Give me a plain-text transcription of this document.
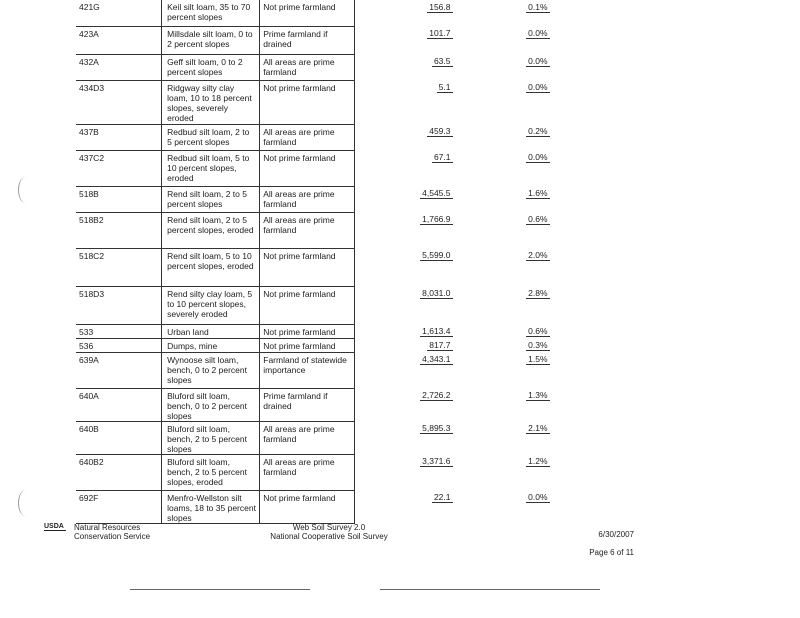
421G	Keil silt loam, 35 to 70 percent slopes	Not prime farmland	156.8	0.1%
423A	Millsdale silt loam, 0 to 2 percent slopes	Prime farmland if drained	101.7	0.0%
432A	Geff silt loam, 0 to 2 percent slopes	All areas are prime farmland	63.5	0.0%
434D3	Ridgway silty clay loam, 10 to 18 percent slopes, severely eroded	Not prime farmland	5.1	0.0%
437B	Redbud silt loam, 2 to 5 percent slopes	All areas are prime farmland	459.3	0.2%
437C2	Redbud silt loam, 5 to 10 percent slopes, eroded	Not prime farmland	67.1	0.0%
518B	Rend silt loam, 2 to 5 percent slopes	All areas are prime farmland	4,545.5	1.6%
518B2	Rend silt loam, 2 to 5 percent slopes, eroded	All areas are prime farmland	1,766.9	0.6%
518C2	Rend silt loam, 5 to 10 percent slopes, eroded	Not prime farmland	5,599.0	2.0%
518D3	Rend silty clay loam, 5 to 10 percent slopes, severely eroded	Not prime farmland	8,031.0	2.8%
533	Urban land	Not prime farmland	1,613.4	0.6%
536	Dumps, mine	Not prime farmland	817.7	0.3%
639A	Wynoose silt loam, bench, 0 to 2 percent slopes	Farmland of statewide importance	4,343.1	1.5%
640A	Bluford silt loam, bench, 0 to 2 percent slopes	Prime farmland if drained	2,726.2	1.3%
640B	Bluford silt loam, bench, 2 to 5 percent slopes	All areas are prime farmland	5,895.3	2.1%
640B2	Bluford silt loam, bench, 2 to 5 percent slopes, eroded	All areas are prime farmland	3,371.6	1.2%
692F	Menfro-Wellston silt loams, 18 to 35 percent slopes	Not prime farmland	22.1	0.0%
USDA Natural Resources
Conservation Service
Web Soil Survey 2.0
National Cooperative Soil Survey	6/30/2007

Page 6 of 11
